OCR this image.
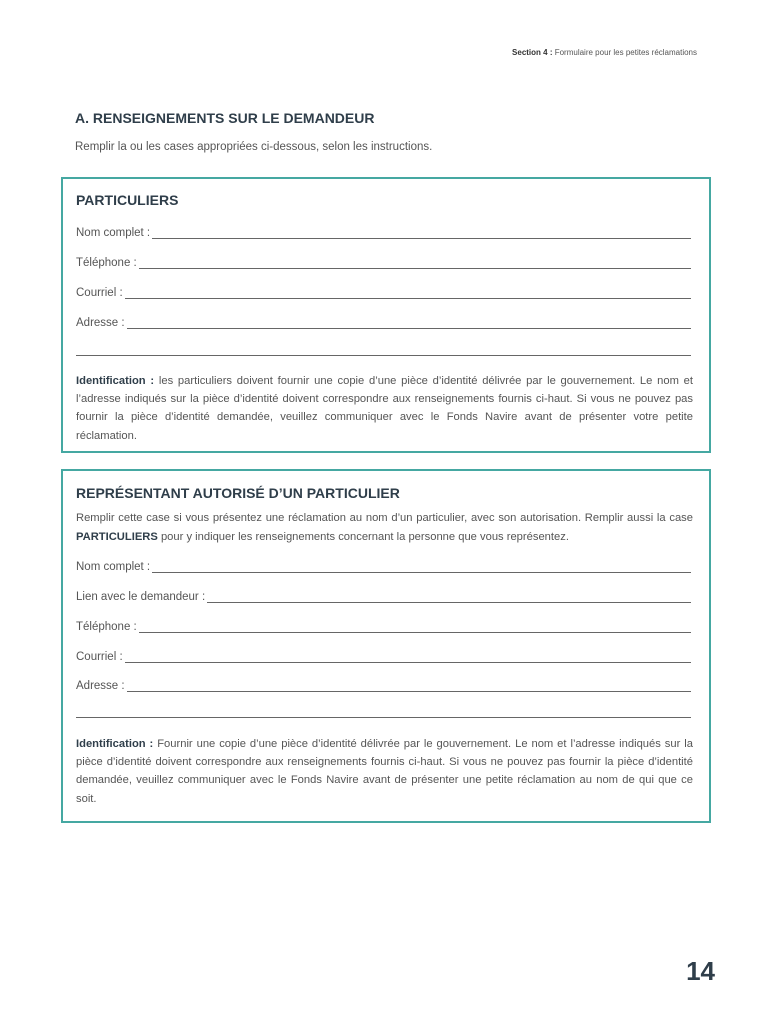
Section 4 : Formulaire pour les petites réclamations
A. RENSEIGNEMENTS SUR LE DEMANDEUR
Remplir la ou les cases appropriées ci-dessous, selon les instructions.
PARTICULIERS
Nom complet :
Téléphone :
Courriel :
Adresse :
Identification : les particuliers doivent fournir une copie d’une pièce d’identité délivrée par le gouvernement. Le nom et l’adresse indiqués sur la pièce d’identité doivent correspondre aux renseignements fournis ci-haut. Si vous ne pouvez pas fournir la pièce d’identité demandée, veuillez communiquer avec le Fonds Navire avant de présenter votre petite réclamation.
REPRÉSENTANT AUTORISÉ D’UN PARTICULIER
Remplir cette case si vous présentez une réclamation au nom d’un particulier, avec son autorisation. Remplir aussi la case PARTICULIERS pour y indiquer les renseignements concernant la personne que vous représentez.
Nom complet :
Lien avec le demandeur :
Téléphone :
Courriel :
Adresse :
Identification : Fournir une copie d’une pièce d’identité délivrée par le gouvernement. Le nom et l’adresse indiqués sur la pièce d’identité doivent correspondre aux renseignements fournis ci-haut. Si vous ne pouvez pas fournir la pièce d’identité demandée, veuillez communiquer avec le Fonds Navire avant de présenter une petite réclamation au nom de qui que ce soit.
14
